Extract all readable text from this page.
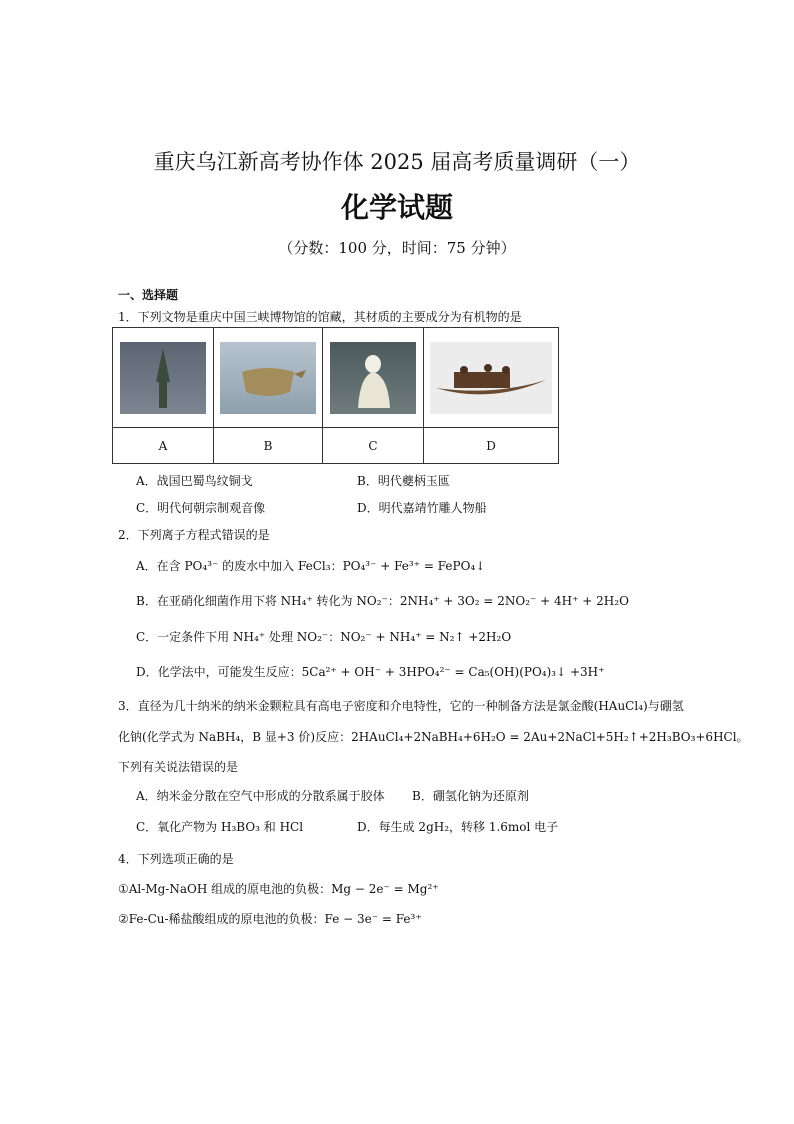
重庆乌江新高考协作体 2025 届高考质量调研（一）
化学试题
（分数：100 分，时间：75 分钟）
一、选择题
1．下列文物是重庆中国三峡博物馆的馆藏，其材质的主要成分为有机物的是

A	B	C	D
A．战国巴蜀鸟纹铜戈	B．明代夔柄玉匜
C．明代何朝宗制观音像	D．明代嘉靖竹雕人物船
2．下列离子方程式错误的是
A．在含 PO₄³⁻ 的废水中加入 FeCl₃：PO₄³⁻ + Fe³⁺ = FePO₄↓
B．在亚硝化细菌作用下将 NH₄⁺ 转化为 NO₂⁻：2NH₄⁺ + 3O₂ = 2NO₂⁻ + 4H⁺ + 2H₂O
C．一定条件下用 NH₄⁺ 处理 NO₂⁻：NO₂⁻ + NH₄⁺ = N₂↑ +2H₂O
D．化学法中，可能发生反应：5Ca²⁺ + OH⁻ + 3HPO₄²⁻ = Ca₅(OH)(PO₄)₃↓ +3H⁺
3．直径为几十纳米的纳米金颗粒具有高电子密度和介电特性，它的一种制备方法是氯金酸(HAuCl₄)与硼氢
化钠(化学式为 NaBH₄，B 显+3 价)反应：2HAuCl₄+2NaBH₄+6H₂O = 2Au+2NaCl+5H₂↑+2H₃BO₃+6HCl。
下列有关说法错误的是
A．纳米金分散在空气中形成的分散系属于胶体 B．硼氢化钠为还原剂
C．氧化产物为 H₃BO₃ 和 HCl	D．每生成 2gH₂，转移 1.6mol 电子
4．下列选项正确的是
①Al-Mg-NaOH 组成的原电池的负极：Mg − 2e⁻ = Mg²⁺
②Fe-Cu-稀盐酸组成的原电池的负极：Fe − 3e⁻ = Fe³⁺
